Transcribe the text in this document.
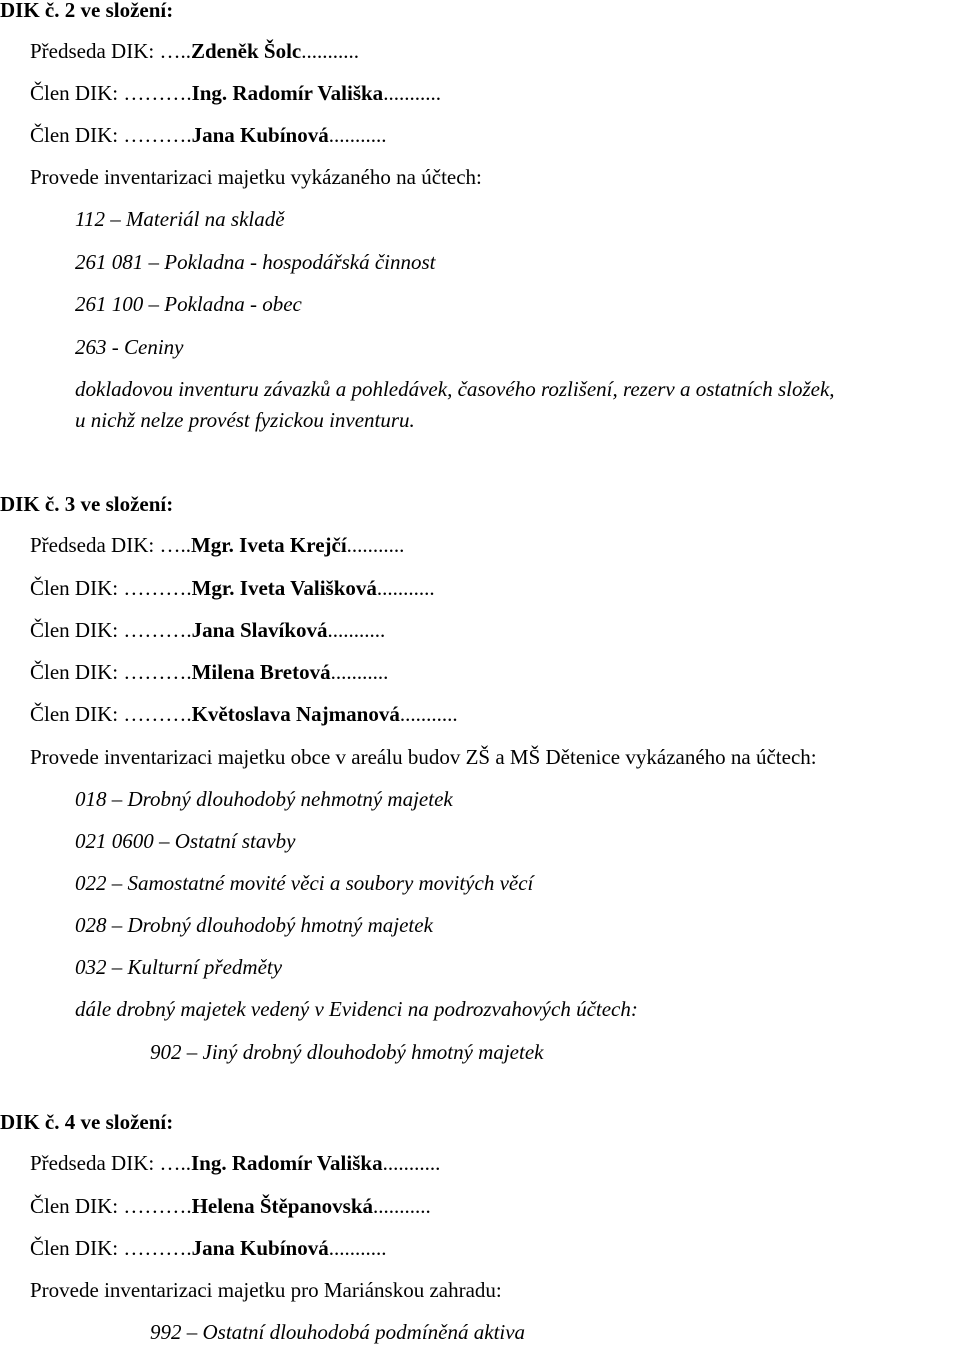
DIK č. 2 ve složení:
Předseda DIK: …..Zdeněk Šolc...........
Člen DIK: ……….Ing. Radomír Vališka...........
Člen DIK: ……….Jana Kubínová...........
Provede inventarizaci majetku vykázaného na účtech:
112 – Materiál na skladě
261 081 – Pokladna - hospodářská činnost
261 100 – Pokladna - obec
263 - Ceniny
dokladovou inventuru závazků a pohledávek, časového rozlišení, rezerv a ostatních složek,
u nichž nelze provést fyzickou inventuru.
DIK č. 3 ve složení:
Předseda DIK: …..Mgr. Iveta Krejčí...........
Člen DIK: ……….Mgr. Iveta Vališková...........
Člen DIK: ……….Jana Slavíková...........
Člen DIK: ……….Milena Bretová...........
Člen DIK: ……….Květoslava Najmanová...........
Provede inventarizaci majetku obce v areálu budov ZŠ a MŠ Dětenice vykázaného na účtech:
018 – Drobný dlouhodobý nehmotný majetek
021 0600 – Ostatní stavby
022 – Samostatné movité věci a soubory movitých věcí
028 – Drobný dlouhodobý hmotný majetek
032 – Kulturní předměty
dále drobný majetek vedený v Evidenci na podrozvahových účtech:
902 – Jiný drobný dlouhodobý hmotný majetek
DIK č. 4 ve složení:
Předseda DIK: …..Ing. Radomír Vališka...........
Člen DIK: ……….Helena Štěpanovská...........
Člen DIK: ……….Jana Kubínová...........
Provede inventarizaci majetku pro Mariánskou zahradu:
992 – Ostatní dlouhodobá podmíněná aktiva
